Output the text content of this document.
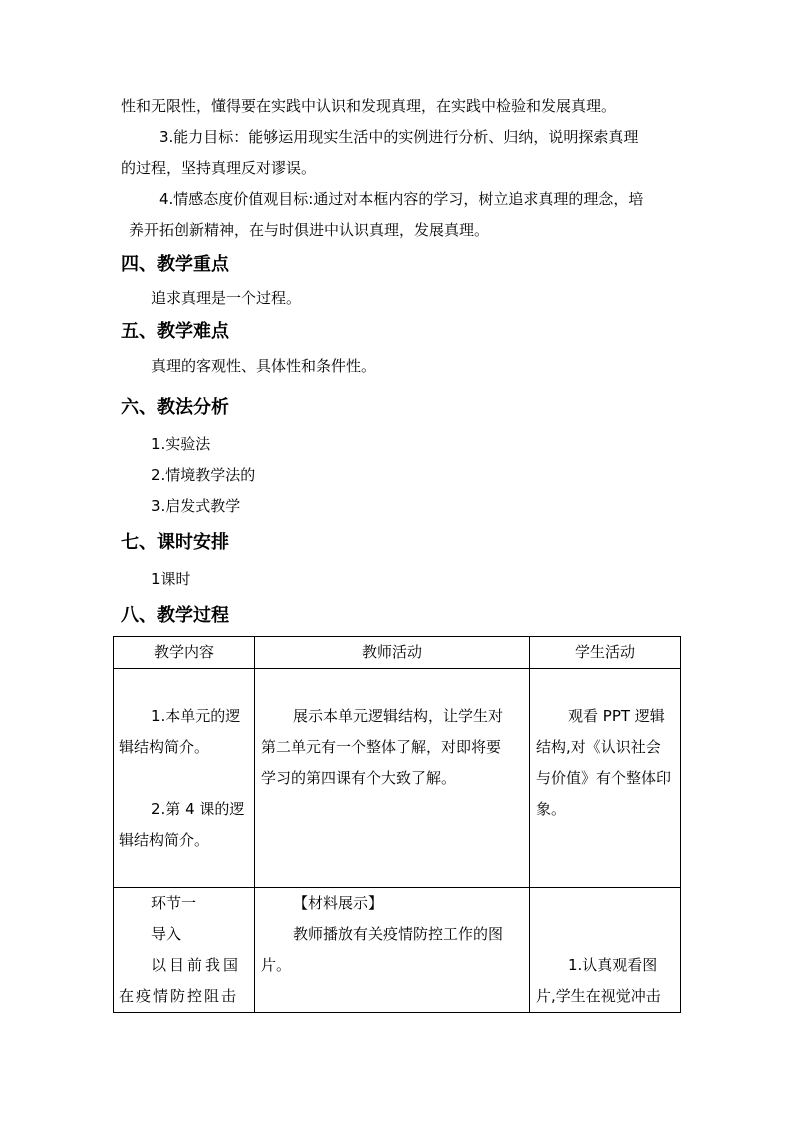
性和无限性，懂得要在实践中认识和发现真理，在实践中检验和发展真理。
3.能力目标：能够运用现实生活中的实例进行分析、归纳，说明探索真理
的过程，坚持真理反对谬误。
4.情感态度价值观目标:通过对本框内容的学习，树立追求真理的理念，培
养开拓创新精神，在与时俱进中认识真理，发展真理。
四、教学重点
追求真理是一个过程。
五、教学难点
真理的客观性、具体性和条件性。
六、教法分析
1.实验法
2.情境教学法的
3.启发式教学
七、课时安排
1课时
八、教学过程
教学内容	教师活动	学生活动

1.本单元的逻
辑结构简介。
2.第 4 课的逻
辑结构简介。	展示本单元逻辑结构，让学生对
第二单元有一个整体了解，对即将要
学习的第四课有个大致了解。	观看 PPT 逻辑
结构,对《认识社会
与价值》有个整体印
象。

环节一
导入
以目前我国
在疫情防控阻击	【材料展示】
教师播放有关疫情防控工作的图
片。	1.认真观看图
片,学生在视觉冲击
